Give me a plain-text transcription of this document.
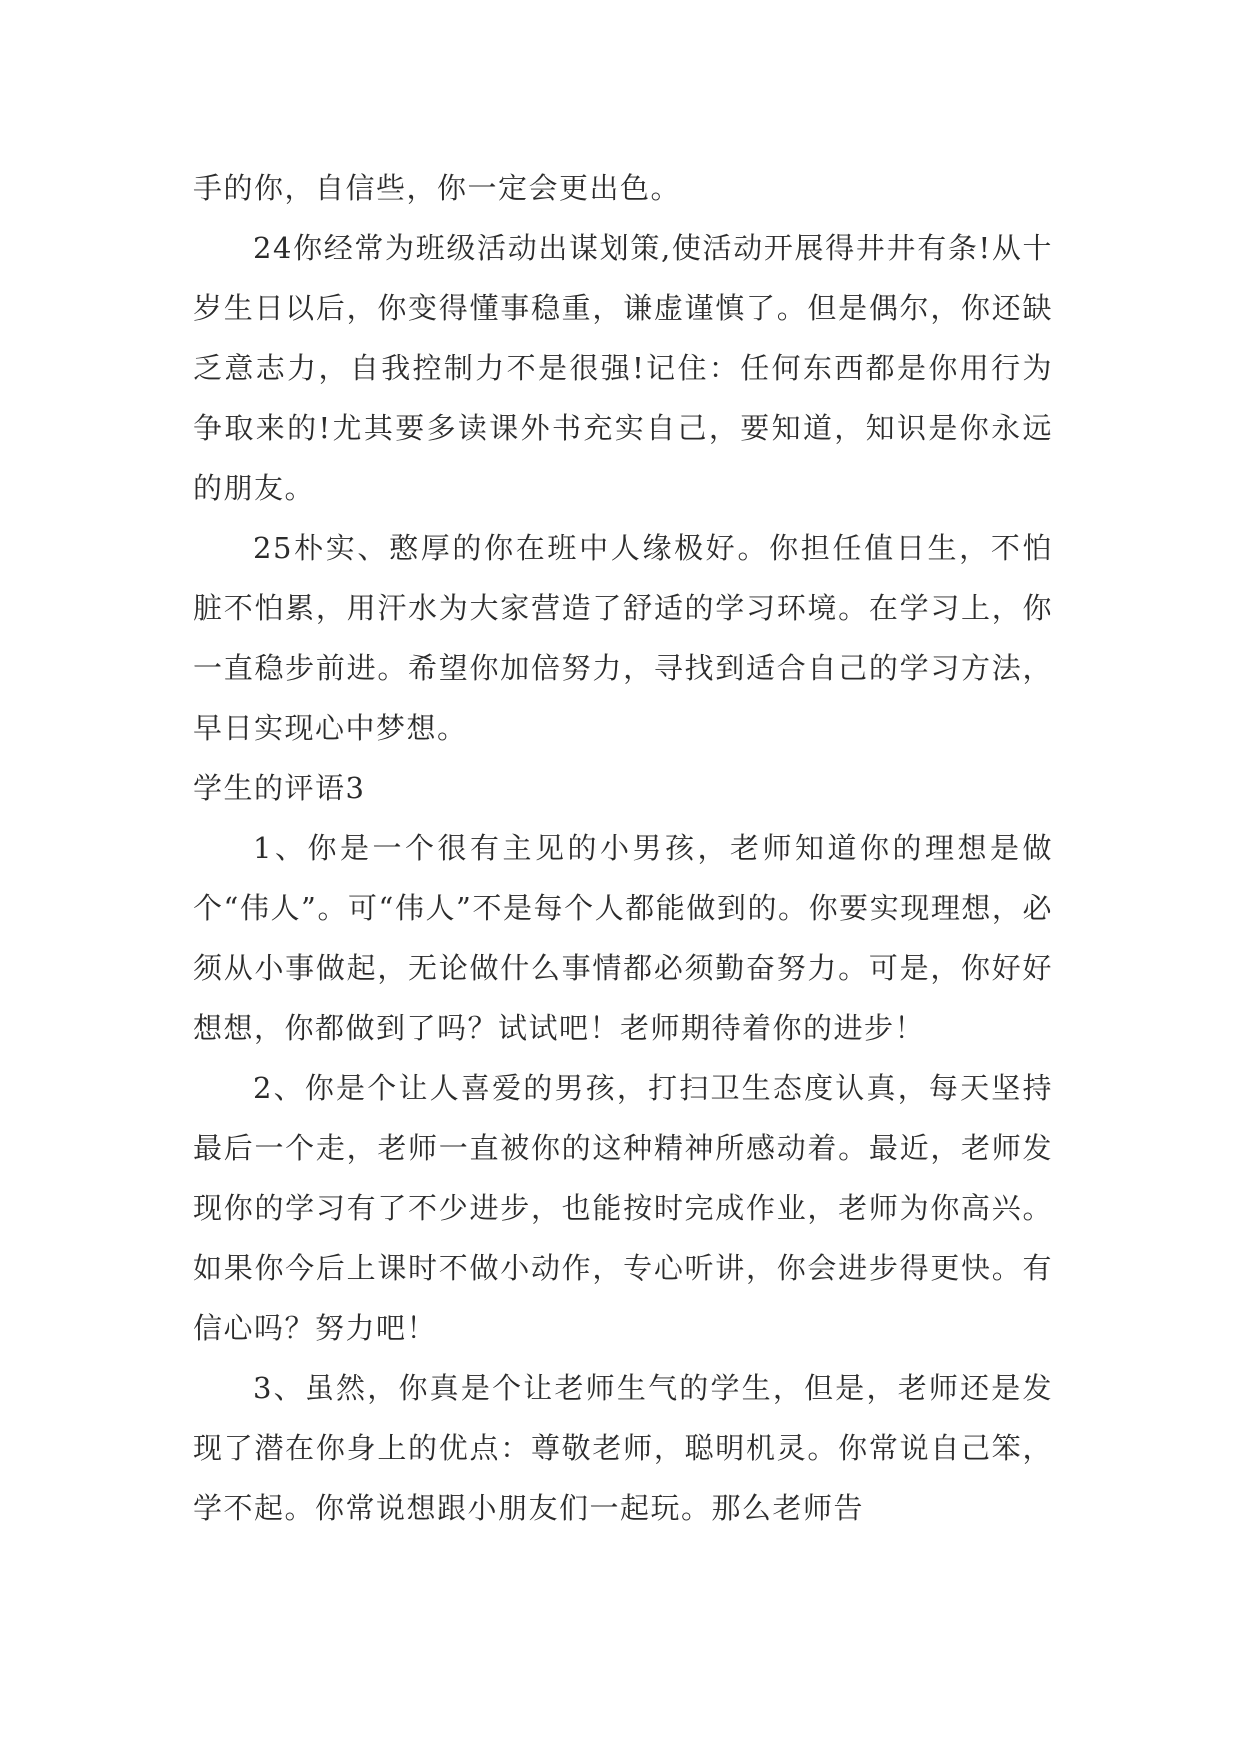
手的你，自信些，你一定会更出色。

24你经常为班级活动出谋划策,使活动开展得井井有条!从十岁生日以后，你变得懂事稳重，谦虚谨慎了。但是偶尔，你还缺乏意志力，自我控制力不是很强!记住：任何东西都是你用行为争取来的!尤其要多读课外书充实自己，要知道，知识是你永远的朋友。

25朴实、憨厚的你在班中人缘极好。你担任值日生，不怕脏不怕累，用汗水为大家营造了舒适的学习环境。在学习上，你一直稳步前进。希望你加倍努力，寻找到适合自己的学习方法，早日实现心中梦想。

学生的评语3

1、你是一个很有主见的小男孩，老师知道你的理想是做个“伟人”。可“伟人”不是每个人都能做到的。你要实现理想，必须从小事做起，无论做什么事情都必须勤奋努力。可是，你好好想想，你都做到了吗？试试吧！老师期待着你的进步！

2、你是个让人喜爱的男孩，打扫卫生态度认真，每天坚持最后一个走，老师一直被你的这种精神所感动着。最近，老师发现你的学习有了不少进步，也能按时完成作业，老师为你高兴。如果你今后上课时不做小动作，专心听讲，你会进步得更快。有信心吗？努力吧！

3、虽然，你真是个让老师生气的学生，但是，老师还是发现了潜在你身上的优点：尊敬老师，聪明机灵。你常说自己笨，学不起。你常说想跟小朋友们一起玩。那么老师告
